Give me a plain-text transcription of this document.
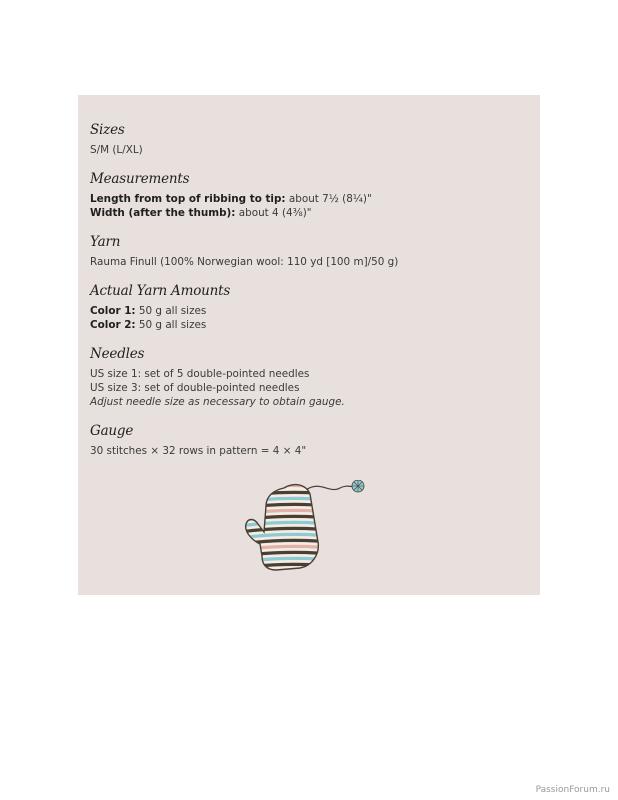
Sizes

S/M (L/XL)

Measurements

Length from top of ribbing to tip: about 7½ (8¼)"

Width (after the thumb): about 4 (4⅜)"

Yarn

Rauma Finull (100% Norwegian wool: 110 yd [100 m]/50 g)

Actual Yarn Amounts

Color 1: 50 g all sizes

Color 2: 50 g all sizes

Needles

US size 1: set of 5 double-pointed needles

US size 3: set of double-pointed needles

Adjust needle size as necessary to obtain gauge.

Gauge

30 stitches × 32 rows in pattern = 4 × 4"

PassionForum.ru
